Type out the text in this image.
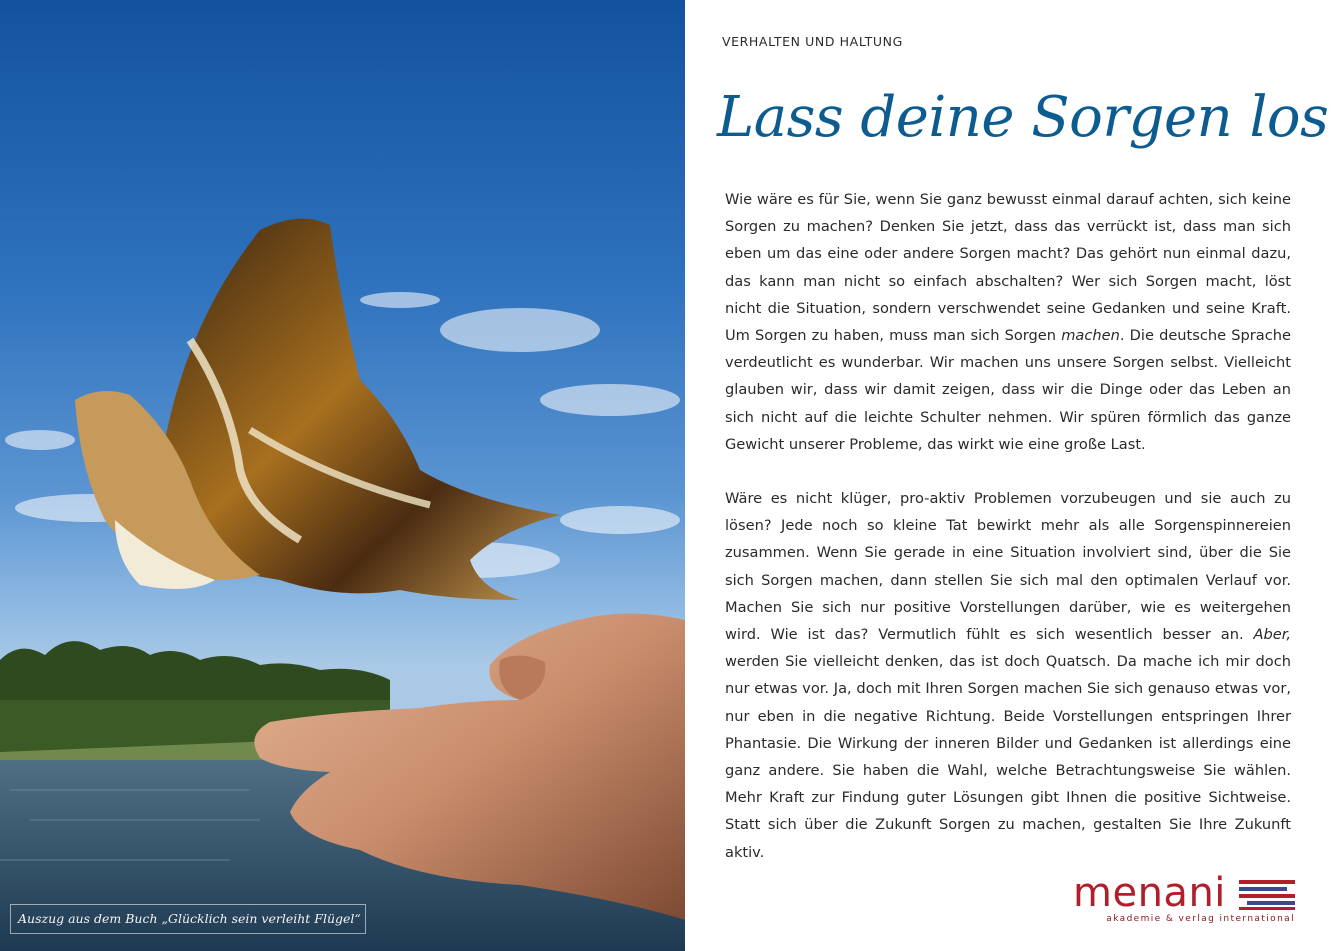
Auszug aus dem Buch „Glücklich sein verleiht Flügel“
VERHALTEN UND HALTUNG
Lass deine Sorgen los

Wie wäre es für Sie, wenn Sie ganz bewusst einmal darauf achten, sich keine Sorgen zu machen? Denken Sie jetzt, dass das verrückt ist, dass man sich eben um das eine oder andere Sorgen macht? Das gehört nun einmal dazu, das kann man nicht so einfach abschalten? Wer sich Sorgen macht, löst nicht die Situation, sondern verschwendet seine Gedanken und seine Kraft. Um Sorgen zu haben, muss man sich Sorgen machen. Die deutsche Sprache verdeutlicht es wunderbar. Wir machen uns unsere Sorgen selbst. Vielleicht glauben wir, dass wir damit zeigen, dass wir die Dinge oder das Leben an sich nicht auf die leichte Schulter nehmen. Wir spüren förmlich das ganze Gewicht unserer Probleme, das wirkt wie eine große Last.

Wäre es nicht klüger, pro-aktiv Problemen vorzubeugen und sie auch zu lösen? Jede noch so kleine Tat bewirkt mehr als alle Sorgenspinnereien zusammen. Wenn Sie gerade in eine Situation involviert sind, über die Sie sich Sorgen machen, dann stellen Sie sich mal den optimalen Verlauf vor. Machen Sie sich nur positive Vorstellungen darüber, wie es weitergehen wird. Wie ist das? Vermutlich fühlt es sich wesentlich besser an. Aber, werden Sie vielleicht denken, das ist doch Quatsch. Da mache ich mir doch nur etwas vor. Ja, doch mit Ihren Sorgen machen Sie sich genauso etwas vor, nur eben in die negative Richtung. Beide Vorstellungen entspringen Ihrer Phantasie. Die Wirkung der inneren Bilder und Gedanken ist allerdings eine ganz andere. Sie haben die Wahl, welche Betrachtungsweise Sie wählen. Mehr Kraft zur Findung guter Lösungen gibt Ihnen die positive Sichtweise. Statt sich über die Zukunft Sorgen zu machen, gestalten Sie Ihre Zukunft aktiv.

menani
akademie & verlag international
